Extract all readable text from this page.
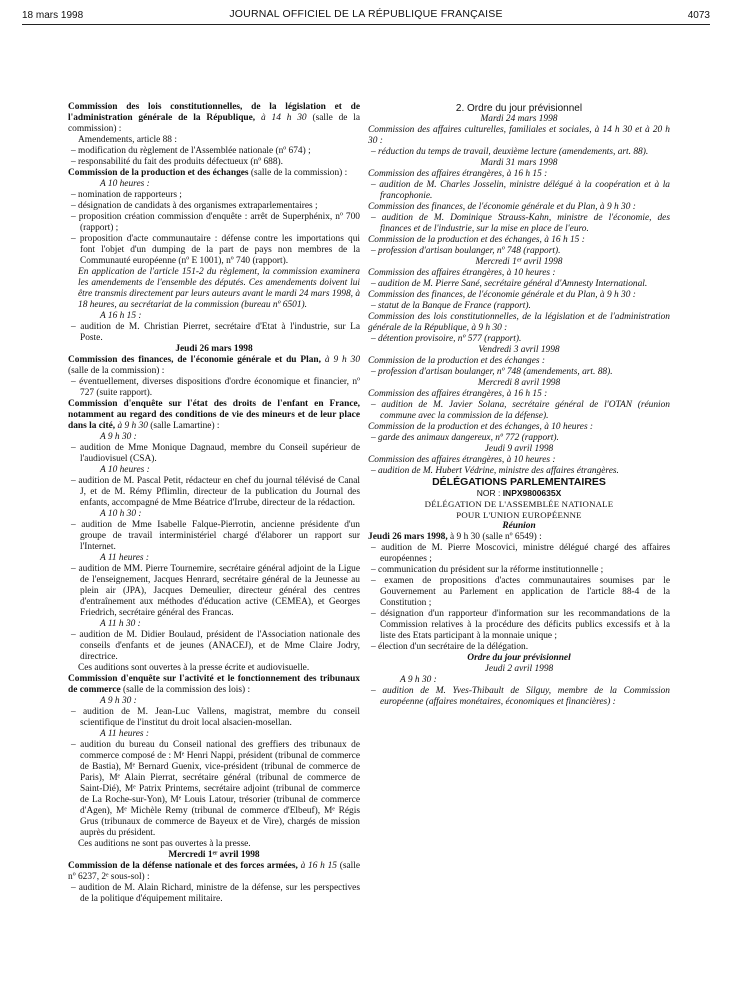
18 mars 1998	JOURNAL OFFICIEL DE LA RÉPUBLIQUE FRANÇAISE	4073

Commission des lois constitutionnelles, de la législation et de l'administration générale de la République, à 14 h 30 (salle de la commission) :

Amendements, article 88 :

– modification du règlement de l'Assemblée nationale (nº 674) ;

– responsabilité du fait des produits défectueux (nº 688).

Commission de la production et des échanges (salle de la commission) :

A 10 heures :

– nomination de rapporteurs ;

– désignation de candidats à des organismes extraparlementaires ;

– proposition création commission d'enquête : arrêt de Superphénix, nº 700 (rapport) ;

– proposition d'acte communautaire : défense contre les importations qui font l'objet d'un dumping de la part de pays non membres de la Communauté européenne (nº E 1001), nº 740 (rapport).

En application de l'article 151-2 du règlement, la commission examinera les amendements de l'ensemble des députés. Ces amendements doivent lui être transmis directement par leurs auteurs avant le mardi 24 mars 1998, à 18 heures, au secrétariat de la commission (bureau nº 6501).

A 16 h 15 :

– audition de M. Christian Pierret, secrétaire d'Etat à l'industrie, sur La Poste.

Jeudi 26 mars 1998

Commission des finances, de l'économie générale et du Plan, à 9 h 30 (salle de la commission) :

– éventuellement, diverses dispositions d'ordre économique et financier, nº 727 (suite rapport).

Commission d'enquête sur l'état des droits de l'enfant en France, notamment au regard des conditions de vie des mineurs et de leur place dans la cité, à 9 h 30 (salle Lamartine) :

A 9 h 30 :

– audition de Mme Monique Dagnaud, membre du Conseil supérieur de l'audiovisuel (CSA).

A 10 heures :

– audition de M. Pascal Petit, rédacteur en chef du journal télévisé de Canal J, et de M. Rémy Pflimlin, directeur de la publication du Journal des enfants, accompagné de Mme Béatrice d'Irrube, directeur de la rédaction.

A 10 h 30 :

– audition de Mme Isabelle Falque-Pierrotin, ancienne présidente d'un groupe de travail interministériel chargé d'élaborer un rapport sur l'Internet.

A 11 heures :

– audition de MM. Pierre Tournemire, secrétaire général adjoint de la Ligue de l'enseignement, Jacques Henrard, secrétaire général de la Jeunesse au plein air (JPA), Jacques Demeulier, directeur général des centres d'entraînement aux méthodes d'éducation active (CEMEA), et Georges Friedrich, secrétaire général des Francas.

A 11 h 30 :

– audition de M. Didier Boulaud, président de l'Association nationale des conseils d'enfants et de jeunes (ANACEJ), et de Mme Claire Jodry, directrice.

Ces auditions sont ouvertes à la presse écrite et audiovisuelle.

Commission d'enquête sur l'activité et le fonctionnement des tribunaux de commerce (salle de la commission des lois) :

A 9 h 30 :

– audition de M. Jean-Luc Vallens, magistrat, membre du conseil scientifique de l'institut du droit local alsacien-mosellan.

A 11 heures :

– audition du bureau du Conseil national des greffiers des tribunaux de commerce composé de : Mᵉ Henri Nappi, président (tribunal de commerce de Bastia), Mᵉ Bernard Guenix, vice-président (tribunal de commerce de Paris), Mᵉ Alain Pierrat, secrétaire général (tribunal de commerce de Saint-Dié), Mᵉ Patrix Printems, secrétaire adjoint (tribunal de commerce de La Roche-sur-Yon), Mᵉ Louis Latour, trésorier (tribunal de commerce d'Agen), Mᵉ Michèle Remy (tribunal de commerce d'Elbeuf), Mᵉ Régis Grus (tribunaux de commerce de Bayeux et de Vire), chargés de mission auprès du président.

Ces auditions ne sont pas ouvertes à la presse.

Mercredi 1ᵉʳ avril 1998

Commission de la défense nationale et des forces armées, à 16 h 15 (salle nº 6237, 2ᵉ sous-sol) :

– audition de M. Alain Richard, ministre de la défense, sur les perspectives de la politique d'équipement militaire.

2. Ordre du jour prévisionnel

Mardi 24 mars 1998

Commission des affaires culturelles, familiales et sociales, à 14 h 30 et à 20 h 30 :

– réduction du temps de travail, deuxième lecture (amendements, art. 88).

Mardi 31 mars 1998

Commission des affaires étrangères, à 16 h 15 :

– audition de M. Charles Josselin, ministre délégué à la coopération et à la francophonie.

Commission des finances, de l'économie générale et du Plan, à 9 h 30 :

– audition de M. Dominique Strauss-Kahn, ministre de l'économie, des finances et de l'industrie, sur la mise en place de l'euro.

Commission de la production et des échanges, à 16 h 15 :

– profession d'artisan boulanger, nº 748 (rapport).

Mercredi 1ᵉʳ avril 1998

Commission des affaires étrangères, à 10 heures :

– audition de M. Pierre Sané, secrétaire général d'Amnesty International.

Commission des finances, de l'économie générale et du Plan, à 9 h 30 :

– statut de la Banque de France (rapport).

Commission des lois constitutionnelles, de la législation et de l'administration générale de la République, à 9 h 30 :

– détention provisoire, nº 577 (rapport).

Vendredi 3 avril 1998

Commission de la production et des échanges :

– profession d'artisan boulanger, nº 748 (amendements, art. 88).

Mercredi 8 avril 1998

Commission des affaires étrangères, à 16 h 15 :

– audition de M. Javier Solana, secrétaire général de l'OTAN (réunion commune avec la commission de la défense).

Commission de la production et des échanges, à 10 heures :

– garde des animaux dangereux, nº 772 (rapport).

Jeudi 9 avril 1998

Commission des affaires étrangères, à 10 heures :

– audition de M. Hubert Védrine, ministre des affaires étrangères.

DÉLÉGATIONS PARLEMENTAIRES

NOR : INPX9800635X

DÉLÉGATION DE L'ASSEMBLÉE NATIONALE

POUR L'UNION EUROPÉENNE

Réunion

Jeudi 26 mars 1998, à 9 h 30 (salle nº 6549) :

– audition de M. Pierre Moscovici, ministre délégué chargé des affaires européennes ;

– communication du président sur la réforme institutionnelle ;

– examen de propositions d'actes communautaires soumises par le Gouvernement au Parlement en application de l'article 88-4 de la Constitution ;

– désignation d'un rapporteur d'information sur les recommandations de la Commission relatives à la procédure des déficits publics excessifs et à la liste des Etats participant à la monnaie unique ;

– élection d'un secrétaire de la délégation.

Ordre du jour prévisionnel

Jeudi 2 avril 1998

A 9 h 30 :

– audition de M. Yves-Thibault de Silguy, membre de la Commission européenne (affaires monétaires, économiques et financières) :
